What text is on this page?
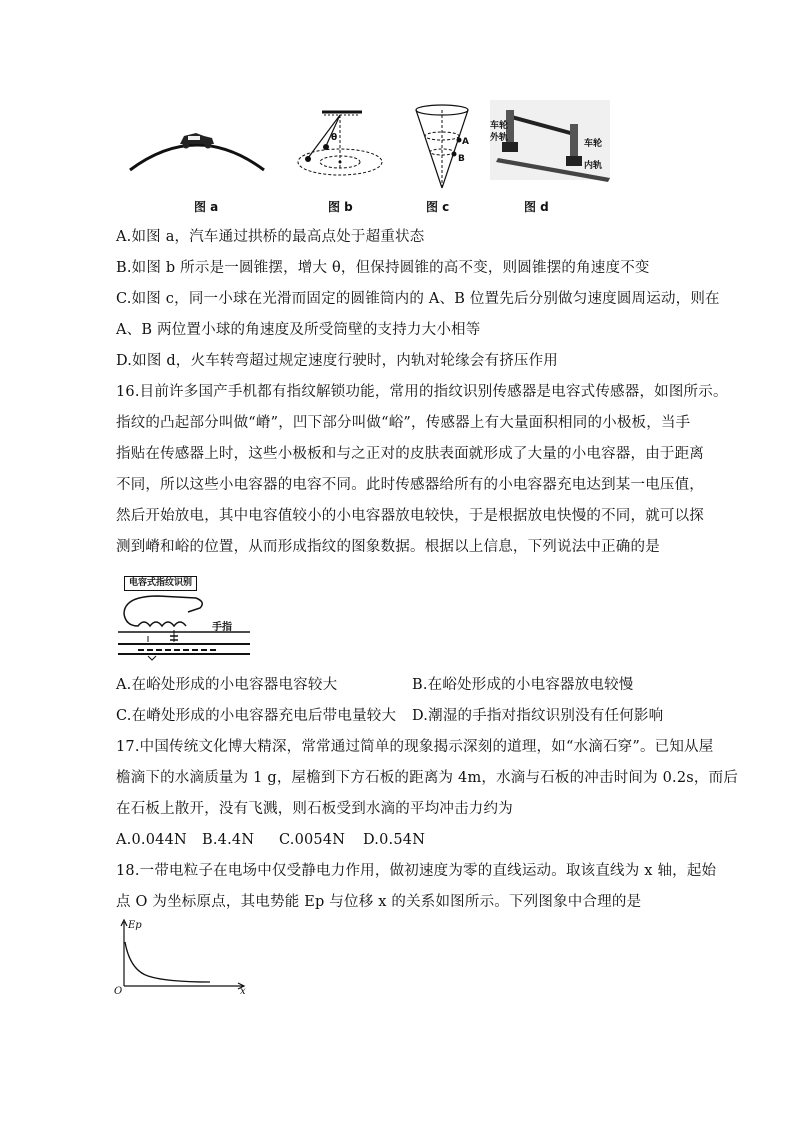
图 a
θ
图 b
A
B
图 c
车轮
外轨
车轮
内轨
图 d
A.如图 a，汽车通过拱桥的最高点处于超重状态
B.如图 b 所示是一圆锥摆，增大 θ，但保持圆锥的高不变，则圆锥摆的角速度不变
C.如图 c，同一小球在光滑而固定的圆锥筒内的 A、B 位置先后分别做匀速度圆周运动，则在
A、B 两位置小球的角速度及所受筒壁的支持力大小相等
D.如图 d，火车转弯超过规定速度行驶时，内轨对轮缘会有挤压作用
16.目前许多国产手机都有指纹解锁功能，常用的指纹识别传感器是电容式传感器，如图所示。
指纹的凸起部分叫做“嵴”，凹下部分叫做“峪”，传感器上有大量面积相同的小极板，当手
指贴在传感器上时，这些小极板和与之正对的皮肤表面就形成了大量的小电容器，由于距离
不同，所以这些小电容器的电容不同。此时传感器给所有的小电容器充电达到某一电压值，
然后开始放电，其中电容值较小的小电容器放电较快，于是根据放电快慢的不同，就可以探
测到嵴和峪的位置，从而形成指纹的图象数据。根据以上信息，下列说法中正确的是
电容式指纹识别
手指
A.在峪处形成的小电容器电容较大	B.在峪处形成的小电容器放电较慢
C.在嵴处形成的小电容器充电后带电量较大 D.潮湿的手指对指纹识别没有任何影响
17.中国传统文化博大精深，常常通过简单的现象揭示深刻的道理，如“水滴石穿”。已知从屋
檐滴下的水滴质量为 1 g，屋檐到下方石板的距离为 4m，水滴与石板的冲击时间为 0.2s，而后
在石板上散开，没有飞溅，则石板受到水滴的平均冲击力约为
A.0.044N B.4.4N C.0054N D.0.54N
18.一带电粒子在电场中仅受静电力作用，做初速度为零的直线运动。取该直线为 x 轴，起始
点 O 为坐标原点，其电势能 Ep 与位移 x 的关系如图所示。下列图象中合理的是
Ep
O	x
